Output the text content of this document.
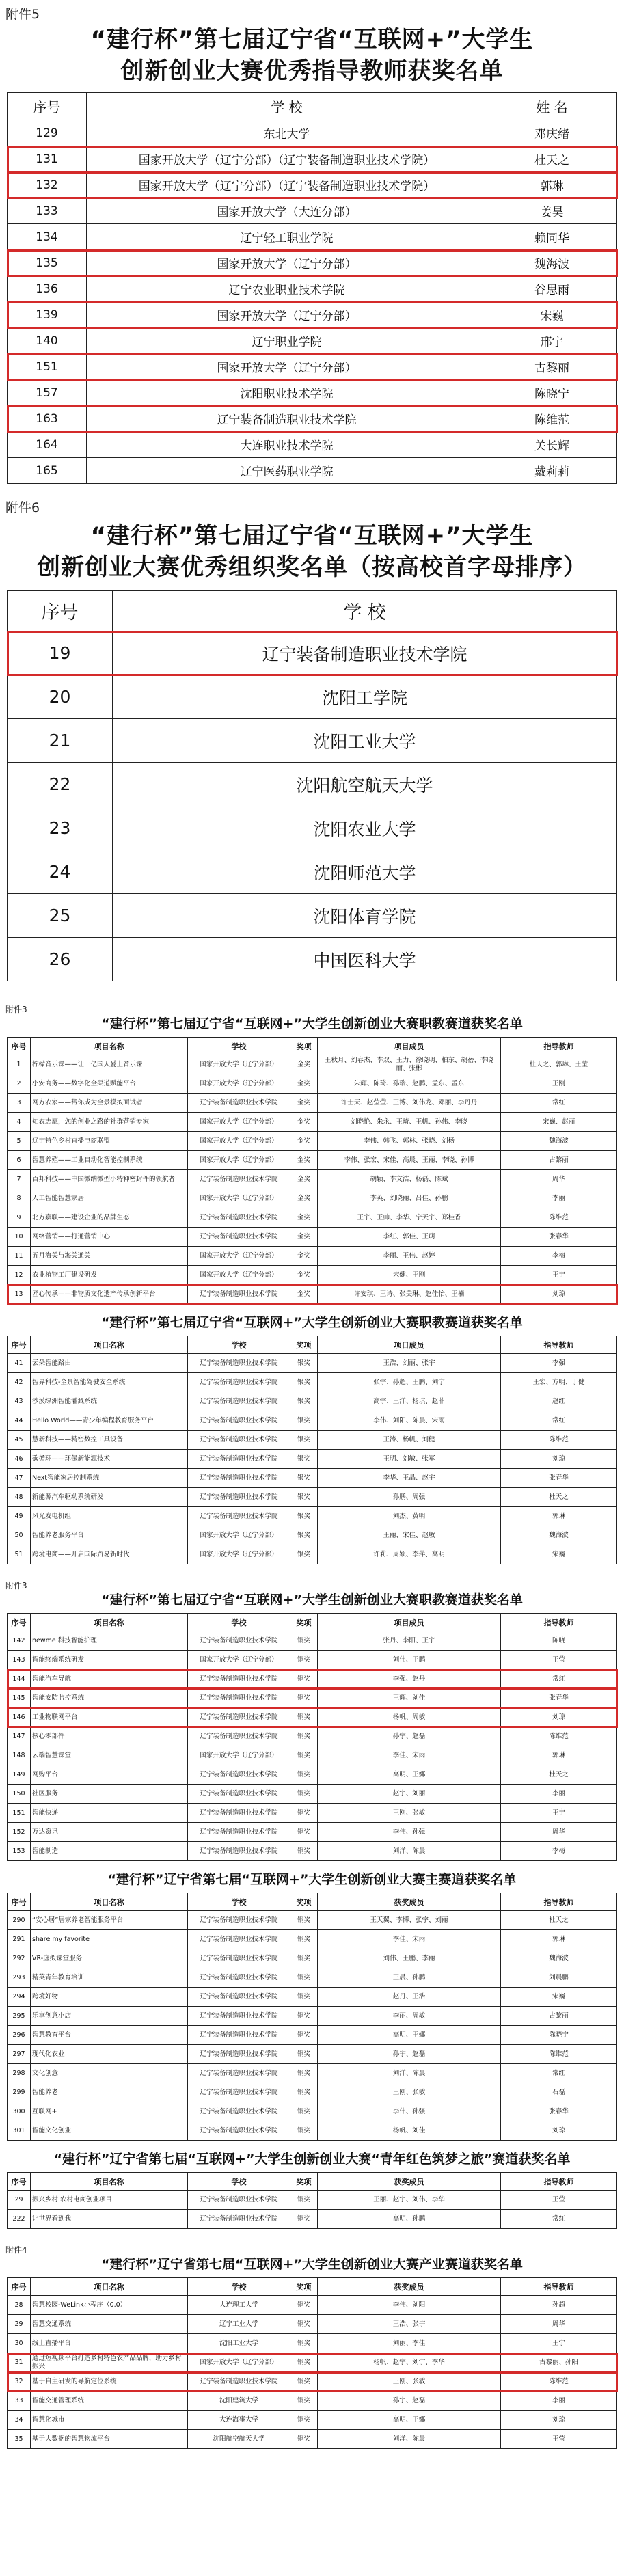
附件5
“建行杯”第七届辽宁省“互联网+”大学生
创新创业大赛优秀指导教师获奖名单
序号	学 校	姓 名
129	东北大学	邓庆绪
131	国家开放大学（辽宁分部）（辽宁装备制造职业技术学院）	杜天之
132	国家开放大学（辽宁分部）（辽宁装备制造职业技术学院）	郭琳
133	国家开放大学（大连分部）	姜昊
134	辽宁轻工职业学院	赖同华
135	国家开放大学（辽宁分部）	魏海波
136	辽宁农业职业技术学院	谷思雨
139	国家开放大学（辽宁分部）	宋巍
140	辽宁职业学院	邢宇
151	国家开放大学（辽宁分部）	古黎丽
157	沈阳职业技术学院	陈晓宁
163	辽宁装备制造职业技术学院	陈维范
164	大连职业技术学院	关长辉
165	辽宁医药职业学院	戴莉莉
附件6
“建行杯”第七届辽宁省“互联网+”大学生
创新创业大赛优秀组织奖名单（按高校首字母排序）
序号	学 校
19	辽宁装备制造职业技术学院
20	沈阳工学院
21	沈阳工业大学
22	沈阳航空航天大学
23	沈阳农业大学
24	沈阳师范大学
25	沈阳体育学院
26	中国医科大学
附件3
“建行杯”第七届辽宁省“互联网+”大学生创新创业大赛职教赛道获奖名单
序号	项目名称	学校	奖项	项目成员	指导教师
1	柠檬音乐课——让一亿国人爱上音乐课	国家开放大学（辽宁分部）	金奖	王秋月、刘春杰、李双、王力、徐晓明、柏东、胡蓓、李晓丽、张彬	杜天之、郭琳、王莹
2	小安商务——数字化全渠道赋能平台	国家开放大学（辽宁分部）	金奖	朱辉、陈琦、孙瑞、赵鹏、孟东、孟东	王刚
3	网方农家——帮你成为全景模拟面试者	辽宁装备制造职业技术学院	金奖	许士天、赵莹莹、王博、刘伟龙、邓丽、李丹丹	常红
4	知农志愿，您的创业之路的社群营销专家	国家开放大学（辽宁分部）	金奖	刘晓艳、朱永、王琦、王帆、孙伟、李晓	宋巍、赵丽
5	辽宁特色乡村直播电商联盟	国家开放大学（辽宁分部）	金奖	李伟、韩飞、郭林、张晓、刘杨	魏海波
6	智慧养殖——工业自动化智能控制系统	国家开放大学（辽宁分部）	金奖	李伟、张宏、宋佳、高晨、王丽、李晓、孙博	古黎丽
7	百邦科技——中国微纳微型小特种密封件的领航者	辽宁装备制造职业技术学院	金奖	胡颖、李文浩、杨磊、陈斌	周华
8	人工智能智慧家居	国家开放大学（辽宁分部）	金奖	李英、刘晓丽、吕佳、孙鹏	李丽
9	北方嘉联——建设企业的品牌生态	辽宁装备制造职业技术学院	金奖	王宇、王帅、李华、宁天宇、郑桂香	陈维范
10	网络营销——打通营销中心	辽宁装备制造职业技术学院	金奖	李红、郭佳、王萌	张春华
11	五月海关与海关通关	国家开放大学（辽宁分部）	金奖	李丽、王伟、赵婷	李梅
12	农业植物工厂建设研发	国家开放大学（辽宁分部）	金奖	宋健、王刚	王宁
13	匠心传承——非物质文化遗产传承创新平台	辽宁装备制造职业技术学院	金奖	许安琪、王诗、张美琳、赵佳怡、王楠	刘琼
“建行杯”第七届辽宁省“互联网+”大学生创新创业大赛职教赛道获奖名单
序号	项目名称	学校	奖项	项目成员	指导教师
41	云朵智能路由	辽宁装备制造职业技术学院	银奖	王浩、刘丽、张宇	李强
42	智界科技-全景智能驾驶安全系统	辽宁装备制造职业技术学院	银奖	张宇、孙超、王鹏、刘宁	王宏、方明、于健
43	沙漠绿洲智能灌溉系统	辽宁装备制造职业技术学院	银奖	高宇、王洋、杨琪、赵菲	赵红
44	Hello World——青少年编程教育服务平台	辽宁装备制造职业技术学院	银奖	李伟、刘阳、陈晨、宋雨	常红
45	慧新科技——精密数控工具设备	辽宁装备制造职业技术学院	银奖	王涛、杨帆、刘健	陈维范
46	碳循环——环保新能源技术	辽宁装备制造职业技术学院	银奖	王明、刘敏、张军	刘琼
47	Next智能家居控制系统	辽宁装备制造职业技术学院	银奖	李华、王晶、赵宇	张春华
48	新能源汽车驱动系统研发	辽宁装备制造职业技术学院	银奖	孙鹏、周强	杜天之
49	风光发电机组	辽宁装备制造职业技术学院	银奖	刘杰、黄明	郭琳
50	智能养老服务平台	国家开放大学（辽宁分部）	银奖	王丽、宋佳、赵敏	魏海波
51	跨境电商——开启国际贸易新时代	国家开放大学（辽宁分部）	银奖	许莉、周颖、李萍、高明	宋巍
附件3
“建行杯”第七届辽宁省“互联网+”大学生创新创业大赛职教赛道获奖名单
序号	项目名称	学校	奖项	项目成员	指导教师
142	newme 科技智能护理	辽宁装备制造职业技术学院	铜奖	张丹、李阳、王宇	陈晓
143	智能终端系统研发	国家开放大学（辽宁分部）	铜奖	刘伟、王鹏	王莹
144	智能汽车导航	辽宁装备制造职业技术学院	铜奖	李强、赵丹	常红
145	智能安防监控系统	辽宁装备制造职业技术学院	铜奖	王辉、刘佳	张春华
146	工业物联网平台	辽宁装备制造职业技术学院	铜奖	杨帆、周敏	刘琼
147	核心零部件	辽宁装备制造职业技术学院	铜奖	孙宇、赵磊	陈维范
148	云端智慧课堂	国家开放大学（辽宁分部）	铜奖	李佳、宋雨	郭琳
149	网购平台	辽宁装备制造职业技术学院	铜奖	高明、王娜	杜天之
150	社区服务	辽宁装备制造职业技术学院	铜奖	赵宇、刘丽	李丽
151	智能快递	辽宁装备制造职业技术学院	铜奖	王刚、张敏	王宁
152	万达资讯	辽宁装备制造职业技术学院	铜奖	李伟、孙强	周华
153	智能制造	辽宁装备制造职业技术学院	铜奖	刘洋、陈晨	李梅
“建行杯”辽宁省第七届“互联网+”大学生创新创业大赛主赛道获奖名单
序号	项目名称	学校	奖项	获奖成员	指导教师
290	“安心居”居家养老智能服务平台	辽宁装备制造职业技术学院	铜奖	王天翼、李博、张宇、刘丽	杜天之
291	share my favorite	辽宁装备制造职业技术学院	铜奖	李佳、宋雨	郭琳
292	VR-虚拟课堂服务	辽宁装备制造职业技术学院	铜奖	刘伟、王鹏、李丽	魏海波
293	精英青年教育培训	辽宁装备制造职业技术学院	铜奖	王晨、孙鹏	刘晨鹏
294	跨境好物	辽宁装备制造职业技术学院	铜奖	赵丹、王浩	宋巍
295	乐享创意小店	辽宁装备制造职业技术学院	铜奖	李丽、周敏	古黎丽
296	智慧教育平台	辽宁装备制造职业技术学院	铜奖	高明、王娜	陈晓宁
297	现代化农业	辽宁装备制造职业技术学院	铜奖	孙宇、赵磊	陈维范
298	文化创意	辽宁装备制造职业技术学院	铜奖	刘洋、陈晨	常红
299	智能养老	辽宁装备制造职业技术学院	铜奖	王刚、张敏	石磊
300	互联网+	辽宁装备制造职业技术学院	铜奖	李伟、孙强	张春华
301	智能文化创业	辽宁装备制造职业技术学院	铜奖	杨帆、刘佳	刘琼
“建行杯”辽宁省第七届“互联网+”大学生创新创业大赛“青年红色筑梦之旅”赛道获奖名单
序号	项目名称	学校	奖项	获奖成员	指导教师
29	振兴乡村 农村电商创业项目	辽宁装备制造职业技术学院	铜奖	王丽、赵宇、刘伟、李华	王莹
222	让世界看到我	辽宁装备制造职业技术学院	铜奖	高明、孙鹏	常红
附件4
“建行杯”辽宁省第七届“互联网+”大学生创新创业大赛产业赛道获奖名单
序号	项目名称	学校	奖项	获奖成员	指导教师
28	智慧校园-WeLink小程序（0.0）	大连理工大学	铜奖	李伟、刘阳	孙超
29	智慧交通系统	辽宁工业大学	铜奖	王浩、张宇	周华
30	线上直播平台	沈阳工业大学	铜奖	刘丽、李佳	王宁
31	通过短视频平台打造乡村特色农产品品牌，助力乡村振兴	国家开放大学（辽宁分部）	铜奖	杨帆、赵宇、刘宁、李华	古黎丽、孙阳
32	基于自主研发的导航定位系统	辽宁装备制造职业技术学院	铜奖	王刚、张敏	陈维范
33	智能交通管理系统	沈阳建筑大学	铜奖	孙宇、赵磊	李丽
34	智慧化城市	大连海事大学	铜奖	高明、王娜	刘琼
35	基于大数据的智慧物流平台	沈阳航空航天大学	铜奖	刘洋、陈晨	王莹
